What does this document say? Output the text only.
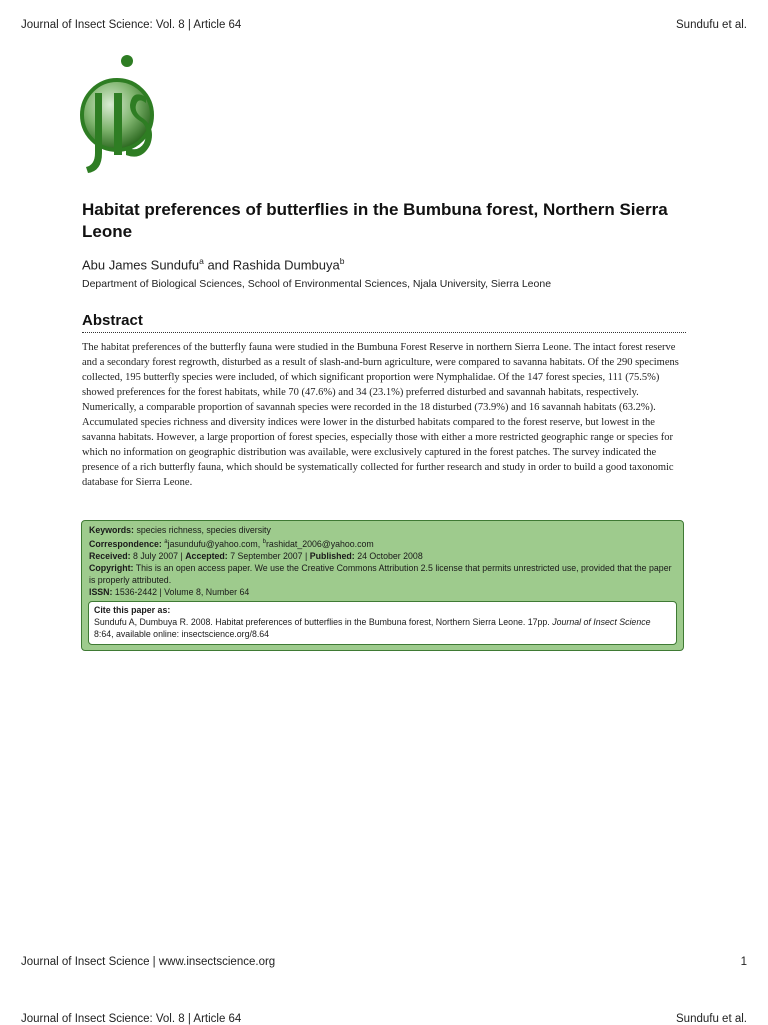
Journal of Insect Science: Vol. 8 | Article 64	Sundufu et al.
Habitat preferences of butterflies in the Bumbuna forest, Northern Sierra Leone
Abu James Sundufu$^a$ and Rashida Dumbuya$^b$
Department of Biological Sciences, School of Environmental Sciences, Njala University, Sierra Leone
Abstract

The habitat preferences of the butterfly fauna were studied in the Bumbuna Forest Reserve in northern Sierra Leone. The intact forest reserve and a secondary forest regrowth, disturbed as a result of slash-and-burn agriculture, were compared to savanna habitats. Of the 290 specimens collected, 195 butterfly species were included, of which significant proportion were Nymphalidae. Of the 147 forest species, 111 (75.5%) showed preferences for the forest habitats, while 70 (47.6%) and 34 (23.1%) preferred disturbed and savannah habitats, respectively. Numerically, a comparable proportion of savannah species were recorded in the 18 disturbed (73.9%) and 16 savannah habitats (63.2%). Accumulated species richness and diversity indices were lower in the disturbed habitats compared to the forest reserve, but lowest in the savanna habitats. However, a large proportion of forest species, especially those with either a more restricted geographic range or species for which no information on geographic distribution was available, were exclusively captured in the forest patches. The survey indicated the presence of a rich butterfly fauna, which should be systematically collected for further research and study in order to build a good taxonomic database for Sierra Leone.

Keywords: species richness, species diversity
Correspondence: $^a$jasundufu@yahoo.com, $^b$rashidat_2006@yahoo.com
Received: 8 July 2007 | Accepted: 7 September 2007 | Published: 24 October 2008
Copyright: This is an open access paper. We use the Creative Commons Attribution 2.5 license that permits unrestricted use, provided that the paper is properly attributed.
ISSN: 1536-2442 | Volume 8, Number 64
Cite this paper as:
Sundufu A, Dumbuya R. 2008. Habitat preferences of butterflies in the Bumbuna forest, Northern Sierra Leone. 17pp. Journal of Insect Science 8:64, available online: insectscience.org/8.64
Journal of Insect Science | www.insectscience.org	1
Journal of Insect Science: Vol. 8 | Article 64	Sundufu et al.
